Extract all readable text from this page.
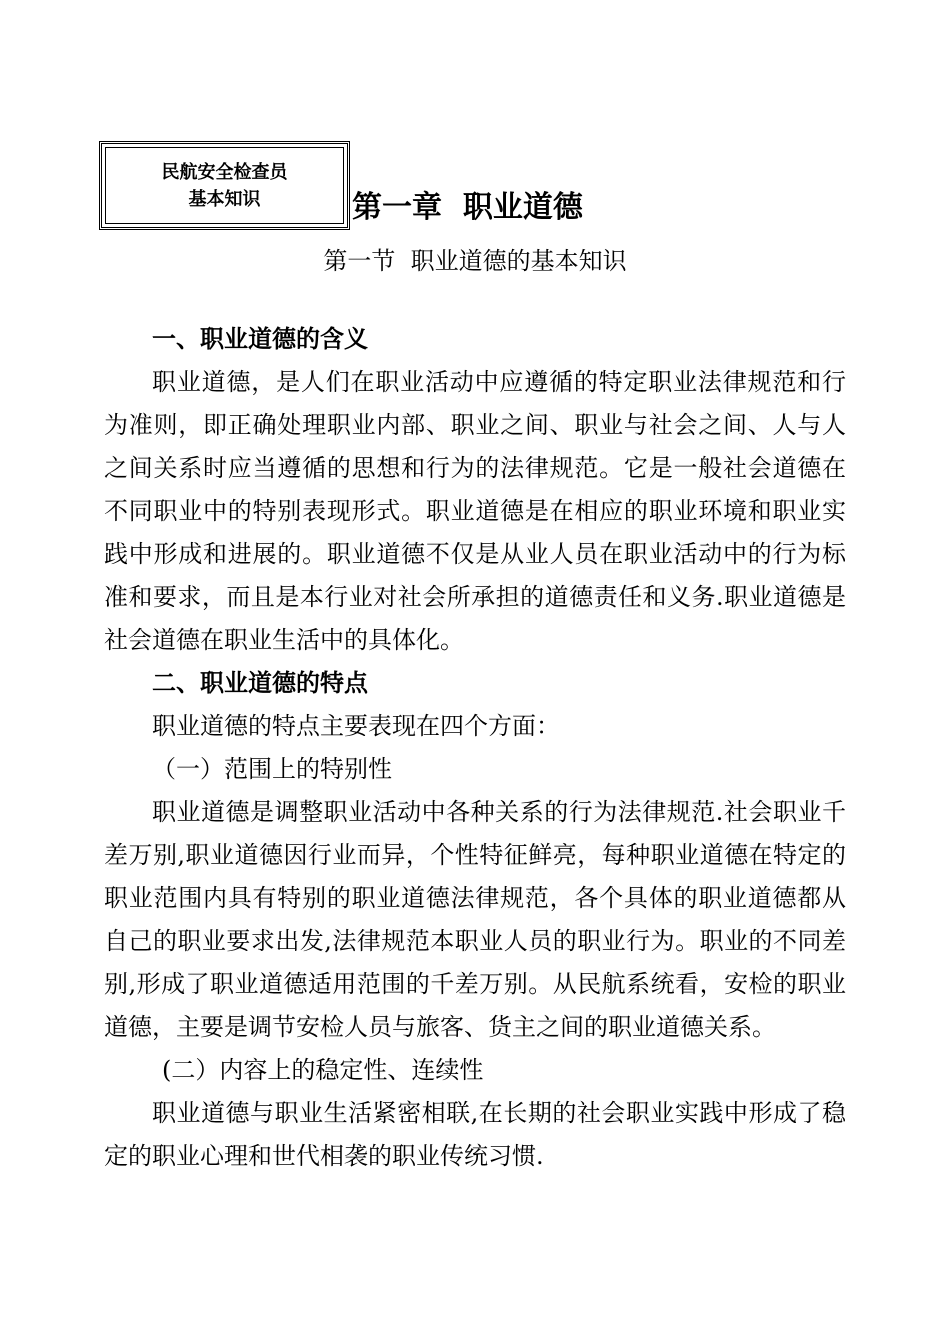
民航安全检查员
基本知识	第一章  职业道德
第一节  职业道德的基本知识

一、职业道德的含义

职业道德，是人们在职业活动中应遵循的特定职业法律规范和行为准则，即正确处理职业内部、职业之间、职业与社会之间、人与人之间关系时应当遵循的思想和行为的法律规范。它是一般社会道德在不同职业中的特别表现形式。职业道德是在相应的职业环境和职业实践中形成和进展的。职业道德不仅是从业人员在职业活动中的行为标准和要求，而且是本行业对社会所承担的道德责任和义务.职业道德是社会道德在职业生活中的具体化。

二、职业道德的特点

职业道德的特点主要表现在四个方面：

（一）范围上的特别性

职业道德是调整职业活动中各种关系的行为法律规范.社会职业千差万别,职业道德因行业而异，个性特征鲜亮，每种职业道德在特定的职业范围内具有特别的职业道德法律规范，各个具体的职业道德都从自己的职业要求出发,法律规范本职业人员的职业行为。职业的不同差别,形成了职业道德适用范围的千差万别。从民航系统看，安检的职业道德，主要是调节安检人员与旅客、货主之间的职业道德关系。

(二）内容上的稳定性、连续性

职业道德与职业生活紧密相联,在长期的社会职业实践中形成了稳定的职业心理和世代相袭的职业传统习惯.
